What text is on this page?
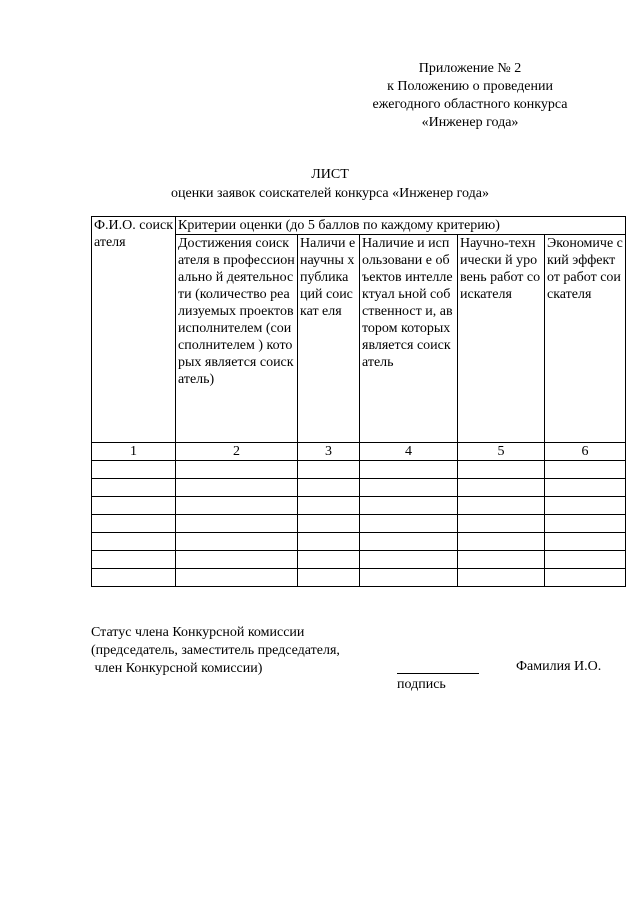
Приложение № 2
к Положению о проведении
ежегодного областного конкурса
«Инженер года»
ЛИСТ
оценки заявок соискателей конкурса «Инженер года»
Ф.И.О. соискателя	Критерии оценки (до 5 баллов по каждому критерию)				
	Достижения соискателя в профессионально й деятельности (количество реализуемых проектов исполнителем (соисполнителем ) которых является соискатель)	Наличи е научны х публика ций соискат еля	Наличие и использовани е объектов интеллектуал ьной собственност и, автором которых является соискатель	Научно-технически й уровень работ соискателя	Экономиче ский эффект от работ соискателя
1	2	3	4	5	6

Статус члена Конкурсной комиссии
(председатель, заместитель председателя,
член Конкурсной комиссии)	Фамилия И.О.
подпись
